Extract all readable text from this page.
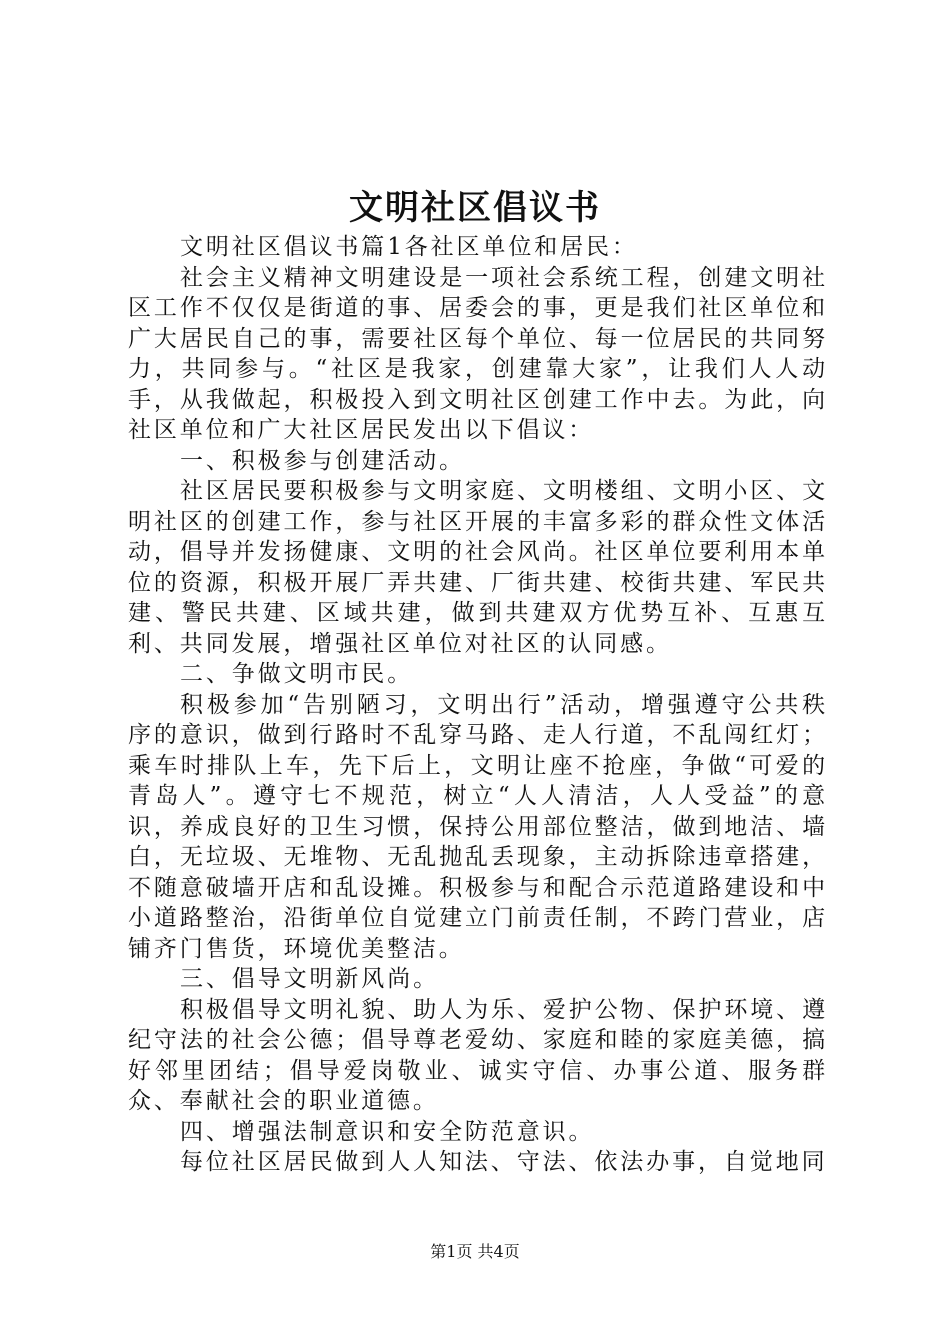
文明社区倡议书

文明社区倡议书篇1各社区单位和居民：

社会主义精神文明建设是一项社会系统工程，创建文明社区工作不仅仅是街道的事、居委会的事，更是我们社区单位和广大居民自己的事，需要社区每个单位、每一位居民的共同努力，共同参与。“社区是我家，创建靠大家”，让我们人人动手，从我做起，积极投入到文明社区创建工作中去。为此，向社区单位和广大社区居民发出以下倡议：

一、积极参与创建活动。

社区居民要积极参与文明家庭、文明楼组、文明小区、文明社区的创建工作，参与社区开展的丰富多彩的群众性文体活动，倡导并发扬健康、文明的社会风尚。社区单位要利用本单位的资源，积极开展厂弄共建、厂街共建、校街共建、军民共建、警民共建、区域共建，做到共建双方优势互补、互惠互利、共同发展，增强社区单位对社区的认同感。

二、争做文明市民。

积极参加“告别陋习，文明出行”活动，增强遵守公共秩序的意识，做到行路时不乱穿马路、走人行道，不乱闯红灯；乘车时排队上车，先下后上，文明让座不抢座，争做“可爱的青岛人”。遵守七不规范，树立“人人清洁，人人受益”的意识，养成良好的卫生习惯，保持公用部位整洁，做到地洁、墙白，无垃圾、无堆物、无乱抛乱丢现象，主动拆除违章搭建，不随意破墙开店和乱设摊。积极参与和配合示范道路建设和中小道路整治，沿街单位自觉建立门前责任制，不跨门营业，店铺齐门售货，环境优美整洁。

三、倡导文明新风尚。

积极倡导文明礼貌、助人为乐、爱护公物、保护环境、遵纪守法的社会公德；倡导尊老爱幼、家庭和睦的家庭美德，搞好邻里团结；倡导爱岗敬业、诚实守信、办事公道、服务群众、奉献社会的职业道德。

四、增强法制意识和安全防范意识。

每位社区居民做到人人知法、守法、依法办事，自觉地同

第1页 共4页
